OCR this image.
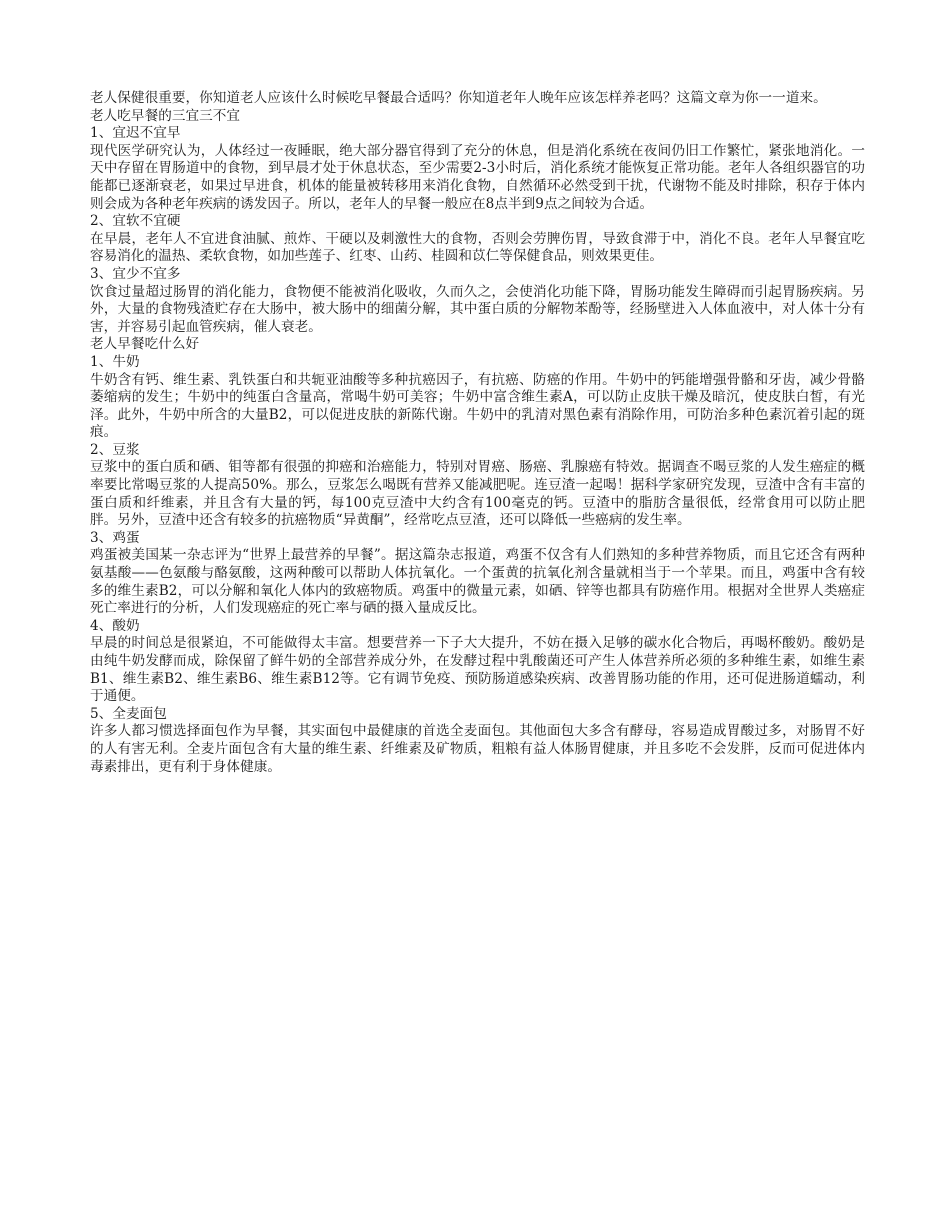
老人保健很重要，你知道老人应该什么时候吃早餐最合适吗？你知道老年人晚年应该怎样养老吗？这篇文章为你一一道来。

老人吃早餐的三宜三不宜

1、宜迟不宜早

现代医学研究认为，人体经过一夜睡眠，绝大部分器官得到了充分的休息，但是消化系统在夜间仍旧工作繁忙，紧张地消化。一天中存留在胃肠道中的食物，到早晨才处于休息状态，至少需要2-3小时后，消化系统才能恢复正常功能。老年人各组织器官的功能都已逐渐衰老，如果过早进食，机体的能量被转移用来消化食物，自然循环必然受到干扰，代谢物不能及时排除，积存于体内则会成为各种老年疾病的诱发因子。所以，老年人的早餐一般应在8点半到9点之间较为合适。

2、宜软不宜硬

在早晨，老年人不宜进食油腻、煎炸、干硬以及刺激性大的食物，否则会劳脾伤胃，导致食滞于中，消化不良。老年人早餐宜吃容易消化的温热、柔软食物，如加些莲子、红枣、山药、桂圆和苡仁等保健食品，则效果更佳。

3、宜少不宜多

饮食过量超过肠胃的消化能力，食物便不能被消化吸收，久而久之，会使消化功能下降，胃肠功能发生障碍而引起胃肠疾病。另外，大量的食物残渣贮存在大肠中，被大肠中的细菌分解，其中蛋白质的分解物苯酚等，经肠壁进入人体血液中，对人体十分有害，并容易引起血管疾病，催人衰老。

老人早餐吃什么好

1、牛奶

牛奶含有钙、维生素、乳铁蛋白和共轭亚油酸等多种抗癌因子，有抗癌、防癌的作用。牛奶中的钙能增强骨骼和牙齿，减少骨骼萎缩病的发生；牛奶中的纯蛋白含量高，常喝牛奶可美容；牛奶中富含维生素A，可以防止皮肤干燥及暗沉，使皮肤白皙，有光泽。此外，牛奶中所含的大量B2，可以促进皮肤的新陈代谢。牛奶中的乳清对黑色素有消除作用，可防治多种色素沉着引起的斑痕。

2、豆浆

豆浆中的蛋白质和硒、钼等都有很强的抑癌和治癌能力，特别对胃癌、肠癌、乳腺癌有特效。据调查不喝豆浆的人发生癌症的概率要比常喝豆浆的人提高50%。那么，豆浆怎么喝既有营养又能减肥呢。连豆渣一起喝！据科学家研究发现，豆渣中含有丰富的蛋白质和纤维素，并且含有大量的钙，每100克豆渣中大约含有100毫克的钙。豆渣中的脂肪含量很低，经常食用可以防止肥胖。另外，豆渣中还含有较多的抗癌物质“异黄酮”，经常吃点豆渣，还可以降低一些癌病的发生率。

3、鸡蛋

鸡蛋被美国某一杂志评为“世界上最营养的早餐”。据这篇杂志报道，鸡蛋不仅含有人们熟知的多种营养物质，而且它还含有两种氨基酸——色氨酸与酪氨酸，这两种酸可以帮助人体抗氧化。一个蛋黄的抗氧化剂含量就相当于一个苹果。而且，鸡蛋中含有较多的维生素B2，可以分解和氧化人体内的致癌物质。鸡蛋中的微量元素，如硒、锌等也都具有防癌作用。根据对全世界人类癌症死亡率进行的分析，人们发现癌症的死亡率与硒的摄入量成反比。

4、酸奶

早晨的时间总是很紧迫，不可能做得太丰富。想要营养一下子大大提升，不妨在摄入足够的碳水化合物后，再喝杯酸奶。酸奶是由纯牛奶发酵而成，除保留了鲜牛奶的全部营养成分外，在发酵过程中乳酸菌还可产生人体营养所必须的多种维生素，如维生素B1、维生素B2、维生素B6、维生素B12等。它有调节免疫、预防肠道感染疾病、改善胃肠功能的作用，还可促进肠道蠕动，利于通便。

5、全麦面包

许多人都习惯选择面包作为早餐，其实面包中最健康的首选全麦面包。其他面包大多含有酵母，容易造成胃酸过多，对肠胃不好的人有害无利。全麦片面包含有大量的维生素、纤维素及矿物质，粗粮有益人体肠胃健康，并且多吃不会发胖，反而可促进体内毒素排出，更有利于身体健康。
